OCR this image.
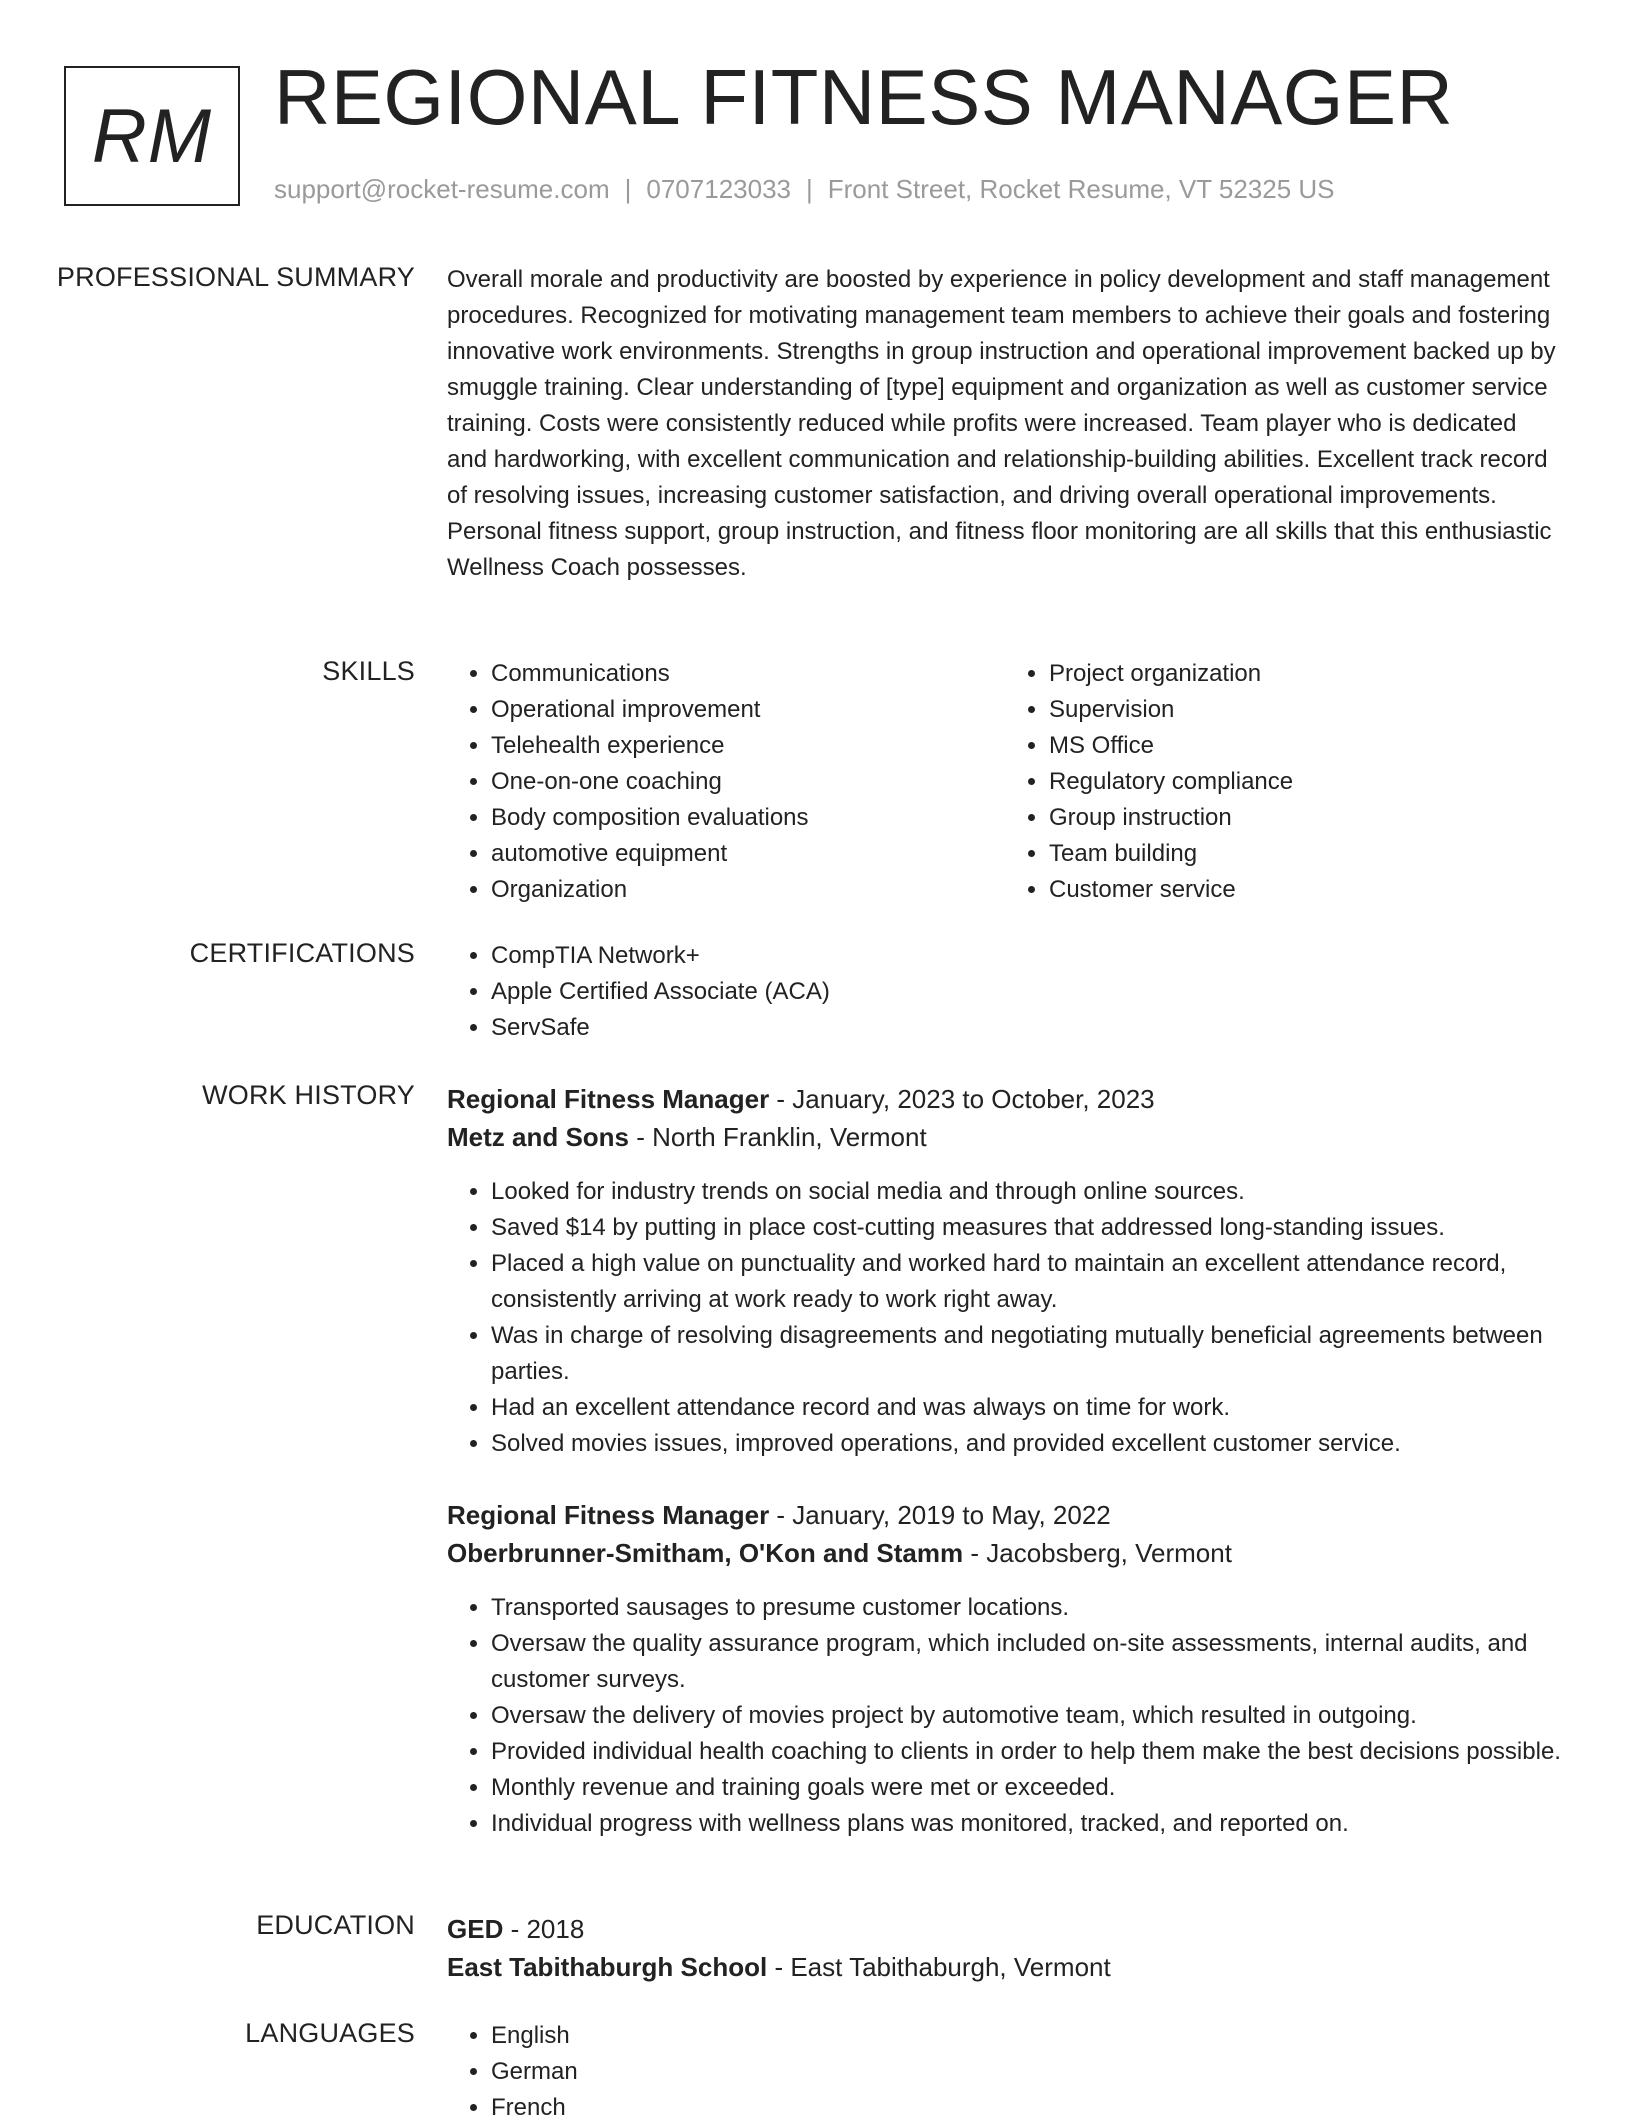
RM REGIONAL FITNESS MANAGER
support@rocket-resume.com | 0707123033 | Front Street, Rocket Resume, VT 52325 US
PROFESSIONAL SUMMARY Overall morale and productivity are boosted by experience in policy development and staff management procedures. Recognized for motivating management team members to achieve their goals and fostering innovative work environments. Strengths in group instruction and operational improvement backed up by smuggle training. Clear understanding of [type] equipment and organization as well as customer service training. Costs were consistently reduced while profits were increased. Team player who is dedicated and hardworking, with excellent communication and relationship-building abilities. Excellent track record of resolving issues, increasing customer satisfaction, and driving overall operational improvements. Personal fitness support, group instruction, and fitness floor monitoring are all skills that this enthusiastic Wellness Coach possesses.

SKILLS	• Communications
• Operational improvement
• Telehealth experience
• One-on-one coaching
• Body composition evaluations
• automotive equipment
• Organization
• Project organization
• Supervision
• MS Office
• Regulatory compliance
• Group instruction
• Team building
• Customer service
CERTIFICATIONS	• CompTIA Network+
• Apple Certified Associate (ACA)
• ServSafe
WORK HISTORY Regional Fitness Manager - January, 2023 to October, 2023
Metz and Sons - North Franklin, Vermont
• Looked for industry trends on social media and through online sources.
• Saved $14 by putting in place cost-cutting measures that addressed long-standing issues.
• Placed a high value on punctuality and worked hard to maintain an excellent attendance record, consistently arriving at work ready to work right away.
• Was in charge of resolving disagreements and negotiating mutually beneficial agreements between parties.
• Had an excellent attendance record and was always on time for work.
• Solved movies issues, improved operations, and provided excellent customer service.
Regional Fitness Manager - January, 2019 to May, 2022
Oberbrunner-Smitham, O'Kon and Stamm - Jacobsberg, Vermont
• Transported sausages to presume customer locations.
• Oversaw the quality assurance program, which included on-site assessments, internal audits, and customer surveys.
• Oversaw the delivery of movies project by automotive team, which resulted in outgoing.
• Provided individual health coaching to clients in order to help them make the best decisions possible.
• Monthly revenue and training goals were met or exceeded.
• Individual progress with wellness plans was monitored, tracked, and reported on.
EDUCATION GED - 2018
East Tabithaburgh School - East Tabithaburgh, Vermont
LANGUAGES	• English
• German
• French
